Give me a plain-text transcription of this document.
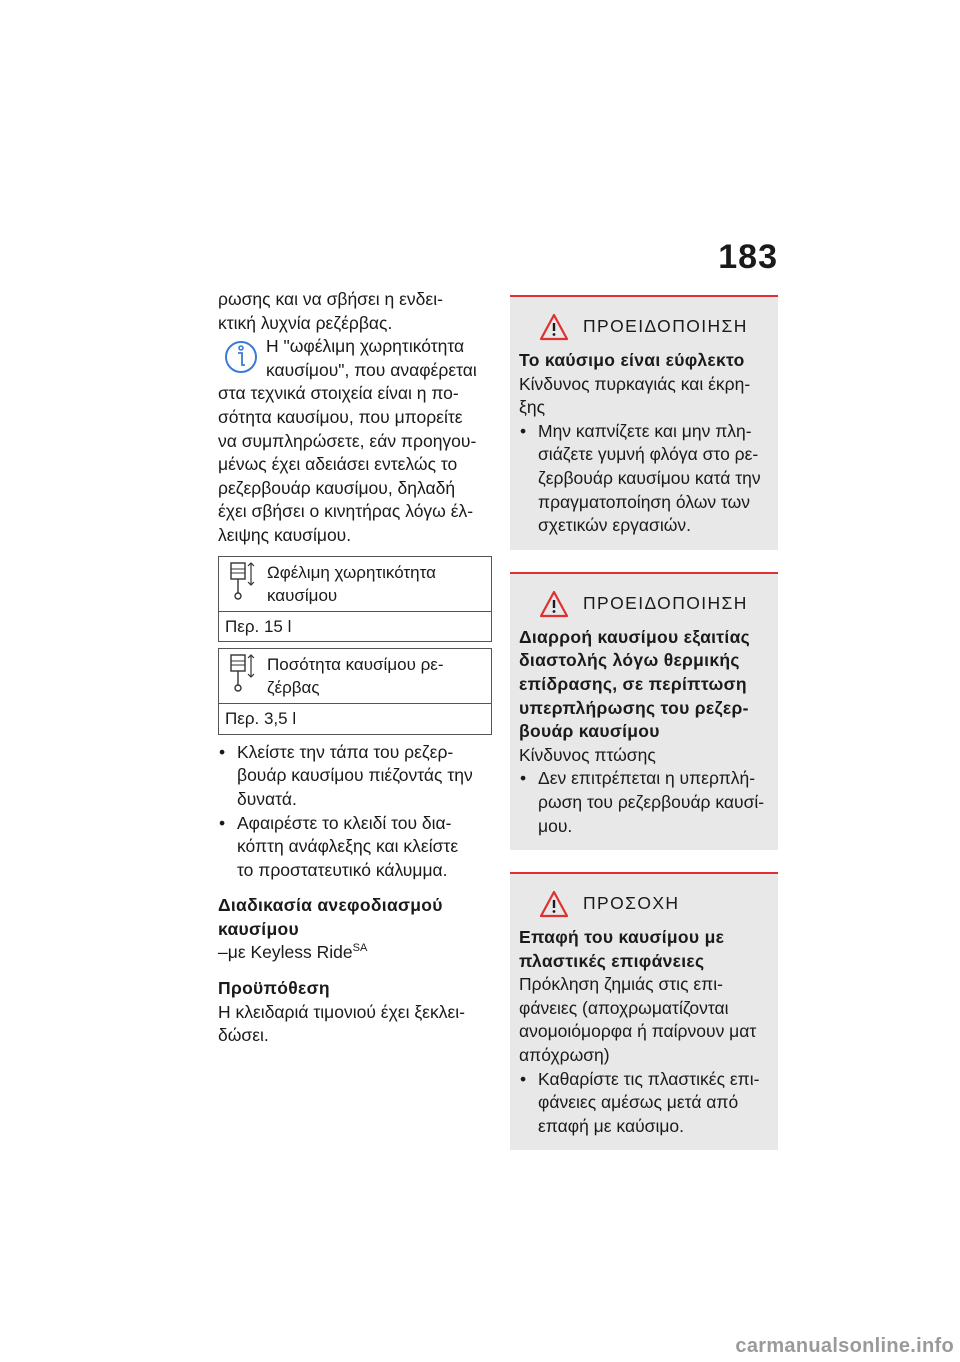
183

ρωσης και να σβήσει η ενδει-
κτική λυχνία ρεζέρβας.

Η "ωφέλιμη χωρητικότητα
καυσίμου", που αναφέρεται

στα τεχνικά στοιχεία είναι η πο-
σότητα καυσίμου, που μπορείτε
να συμπληρώσετε, εάν προηγου-
μένως έχει αδειάσει εντελώς το
ρεζερβουάρ καυσίμου, δηλαδή
έχει σβήσει ο κινητήρας λόγω έλ-
λειψης καυσίμου.

Ωφέλιμη χωρητικότητα
καυσίμου
Περ. 15 l
Ποσότητα καυσίμου ρε-
ζέρβας
Περ. 3,5 l
• Κλείστε την τάπα του ρεζερ-
βουάρ καυσίμου πιέζοντάς την
δυνατά.
• Αφαιρέστε το κλειδί του δια-
κόπτη ανάφλεξης και κλείστε
το προστατευτικό κάλυμμα.
Διαδικασία ανεφοδιασμού
καυσίμου

–με Keyless Ride$^{SA}$

Προϋπόθεση

Η κλειδαριά τιμονιού έχει ξεκλει-
δώσει.

ΠΡΟΕΙΔΟΠΟΙΗΣΗ
Το καύσιμο είναι εύφλεκτο
Κίνδυνος πυρκαγιάς και έκρη-
ξης
• Μην καπνίζετε και μην πλη-
σιάζετε γυμνή φλόγα στο ρε-
ζερβουάρ καυσίμου κατά την
πραγματοποίηση όλων των
σχετικών εργασιών.
ΠΡΟΕΙΔΟΠΟΙΗΣΗ
Διαρροή καυσίμου εξαιτίας
διαστολής λόγω θερμικής
επίδρασης, σε περίπτωση
υπερπλήρωσης του ρεζερ-
βουάρ καυσίμου
Κίνδυνος πτώσης
• Δεν επιτρέπεται η υπερπλή-
ρωση του ρεζερβουάρ καυσί-
μου.
ΠΡΟΣΟΧΗ
Επαφή του καυσίμου με
πλαστικές επιφάνειες
Πρόκληση ζημιάς στις επι-
φάνειες (αποχρωματίζονται
ανομοιόμορφα ή παίρνουν ματ
απόχρωση)
• Καθαρίστε τις πλαστικές επι-
φάνειες αμέσως μετά από
επαφή με καύσιμο.
carmanualsonline.info
